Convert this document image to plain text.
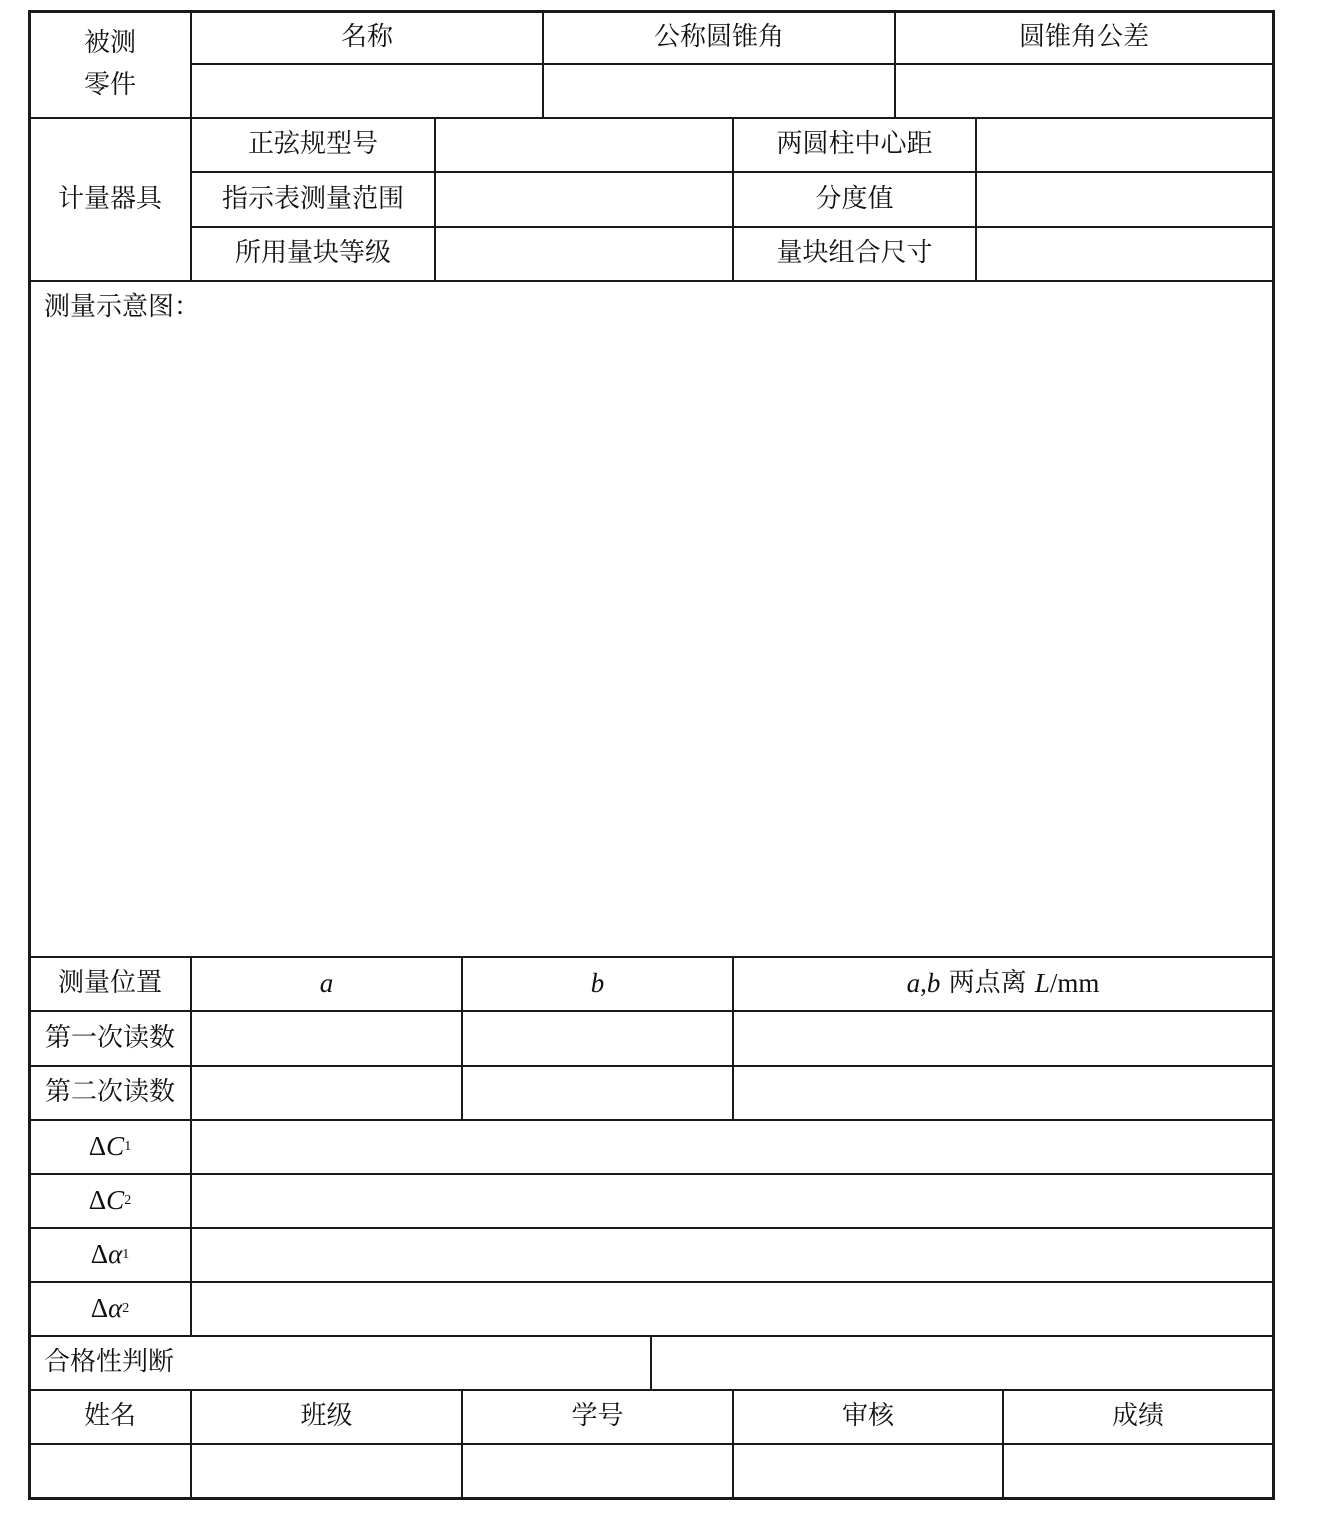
被测
零件
名称	公称圆锥角	圆锥角公差
计量器具
正弦规型号	两圆柱中心距
指示表测量范围	分度值
所用量块等级	量块组合尺寸
测量示意图：
测量位置	a	b	a , b 两点离 L /mm
第一次读数
第二次读数
Δ C 1
Δ C 2
Δ α 1
Δ α 2
合格性判断
姓名	班级	学号	审核	成绩
